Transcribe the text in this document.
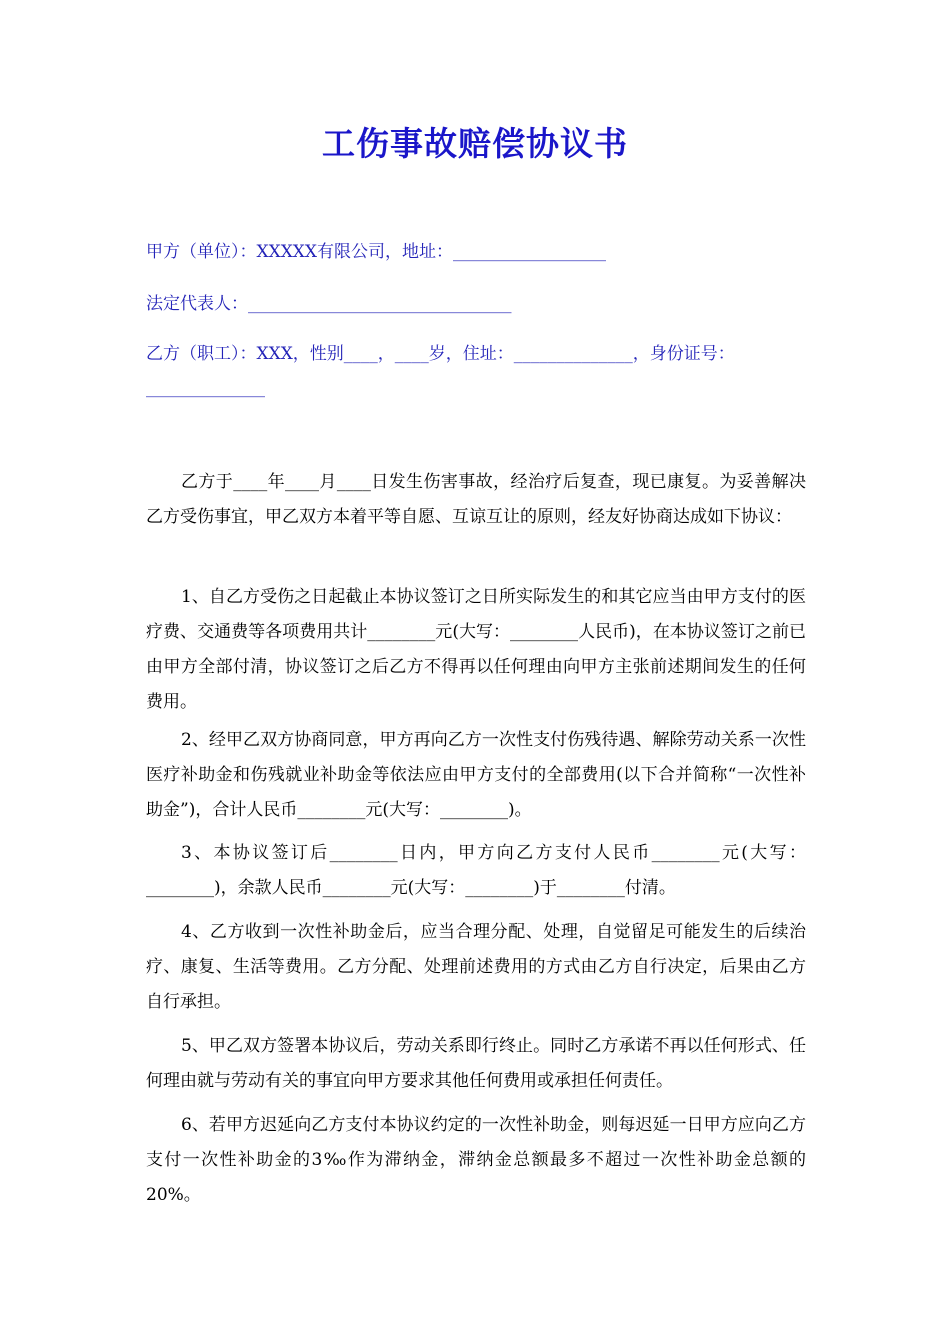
工伤事故赔偿协议书
甲方（单位）：XXXXX有限公司，地址：__________________
法定代表人：_______________________________
乙方（职工）：XXX，性别____，____岁，住址：______________，身份证号：
______________

乙方于____年____月____日发生伤害事故，经治疗后复查，现已康复。为妥善解决乙方受伤事宜，甲乙双方本着平等自愿、互谅互让的原则，经友好协商达成如下协议：

1、自乙方受伤之日起截止本协议签订之日所实际发生的和其它应当由甲方支付的医疗费、交通费等各项费用共计________元(大写：________人民币)，在本协议签订之前已由甲方全部付清，协议签订之后乙方不得再以任何理由向甲方主张前述期间发生的任何费用。

2、经甲乙双方协商同意，甲方再向乙方一次性支付伤残待遇、解除劳动关系一次性医疗补助金和伤残就业补助金等依法应由甲方支付的全部费用(以下合并简称“一次性补助金”)，合计人民币________元(大写：________)。

3、本协议签订后________日内，甲方向乙方支付人民币________元(大写：________)，余款人民币________元(大写：________)于________付清。

4、乙方收到一次性补助金后，应当合理分配、处理，自觉留足可能发生的后续治疗、康复、生活等费用。乙方分配、处理前述费用的方式由乙方自行决定，后果由乙方自行承担。

5、甲乙双方签署本协议后，劳动关系即行终止。同时乙方承诺不再以任何形式、任何理由就与劳动有关的事宜向甲方要求其他任何费用或承担任何责任。

6、若甲方迟延向乙方支付本协议约定的一次性补助金，则每迟延一日甲方应向乙方支付一次性补助金的3‰作为滞纳金，滞纳金总额最多不超过一次性补助金总额的20%。
